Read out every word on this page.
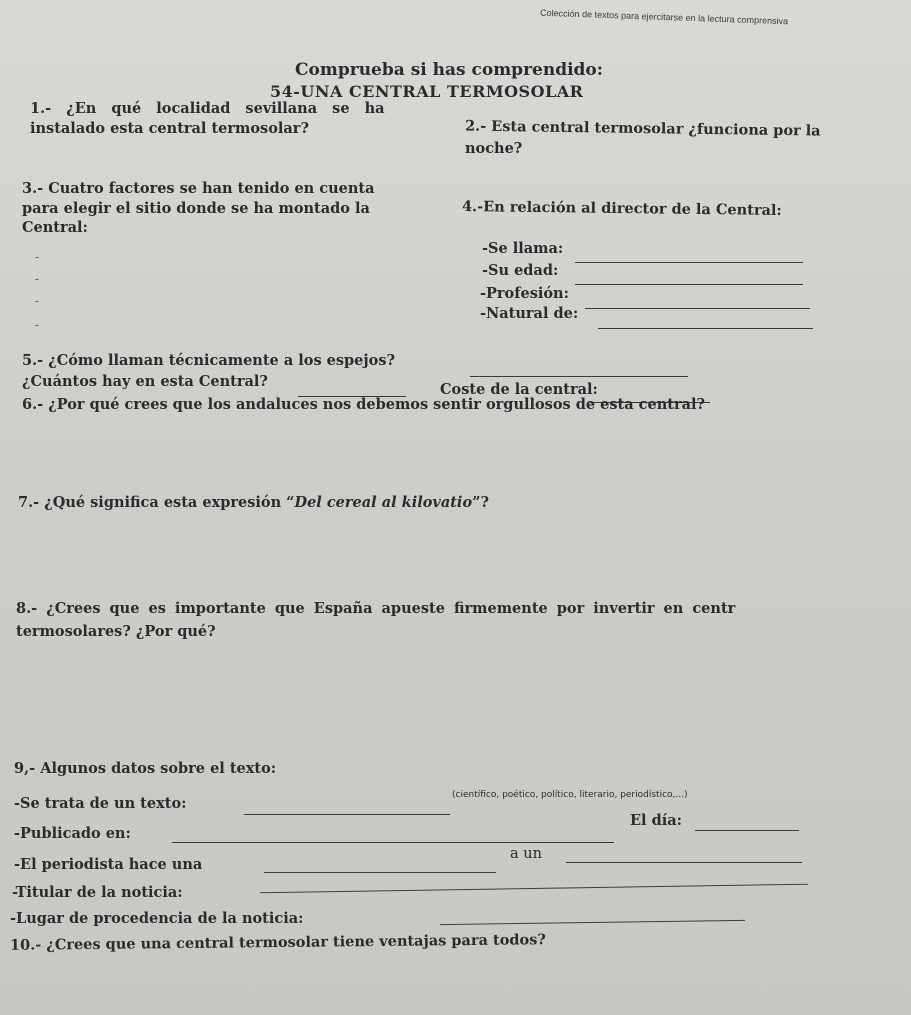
Colección de textos para ejercitarse en la lectura comprensiva
Comprueba si has comprendido:
54-UNA CENTRAL TERMOSOLAR
1.- ¿En qué localidad sevillana se ha
instalado esta central termosolar?	2.- Esta central termosolar ¿funciona por la
noche?
3.- Cuatro factores se han tenido en cuenta
para elegir el sitio donde se ha montado la
Central:
-
-
-
-
4.-En relación al director de la Central:
-Se llama:
-Su edad:
-Profesión:
-Natural de:
5.- ¿Cómo llaman técnicamente a los espejos?
¿Cuántos hay en esta Central?	Coste de la central:
6.- ¿Por qué crees que los andaluces nos debemos sentir orgullosos de esta central?
7.- ¿Qué significa esta expresión “Del cereal al kilovatio”?
8.- ¿Crees que es importante que España apueste firmemente por invertir en centr
termosolares? ¿Por qué?
9,- Algunos datos sobre el texto:
-Se trata de un texto:	(científico, poético, político, literario, periodístico,...)
-Publicado en:
El día:
-El periodista hace una
a un
-Titular de la noticia:
-Lugar de procedencia de la noticia:
10.- ¿Crees que una central termosolar tiene ventajas para todos?
